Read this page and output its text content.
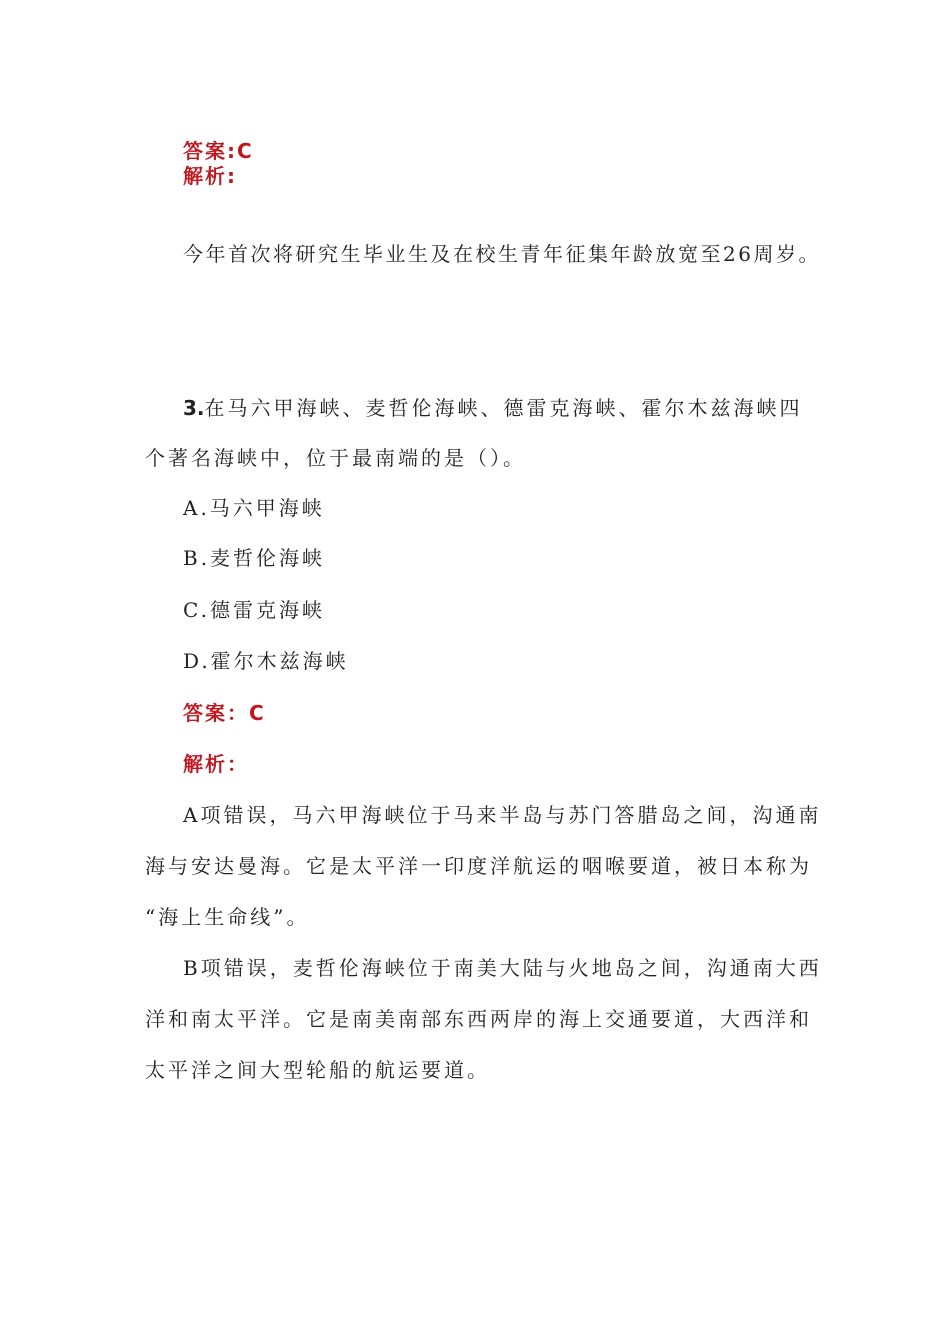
答案:C
解析:
今年首次将研究生毕业生及在校生青年征集年龄放宽至26周岁。
3.在马六甲海峡、麦哲伦海峡、德雷克海峡、霍尔木兹海峡四
个著名海峡中，位于最南端的是（）。
A.马六甲海峡
B.麦哲伦海峡
C.德雷克海峡
D.霍尔木兹海峡
答案：C
解析：
A项错误，马六甲海峡位于马来半岛与苏门答腊岛之间，沟通南
海与安达曼海。它是太平洋一印度洋航运的咽喉要道，被日本称为
“海上生命线”。
B项错误，麦哲伦海峡位于南美大陆与火地岛之间，沟通南大西
洋和南太平洋。它是南美南部东西两岸的海上交通要道，大西洋和
太平洋之间大型轮船的航运要道。
